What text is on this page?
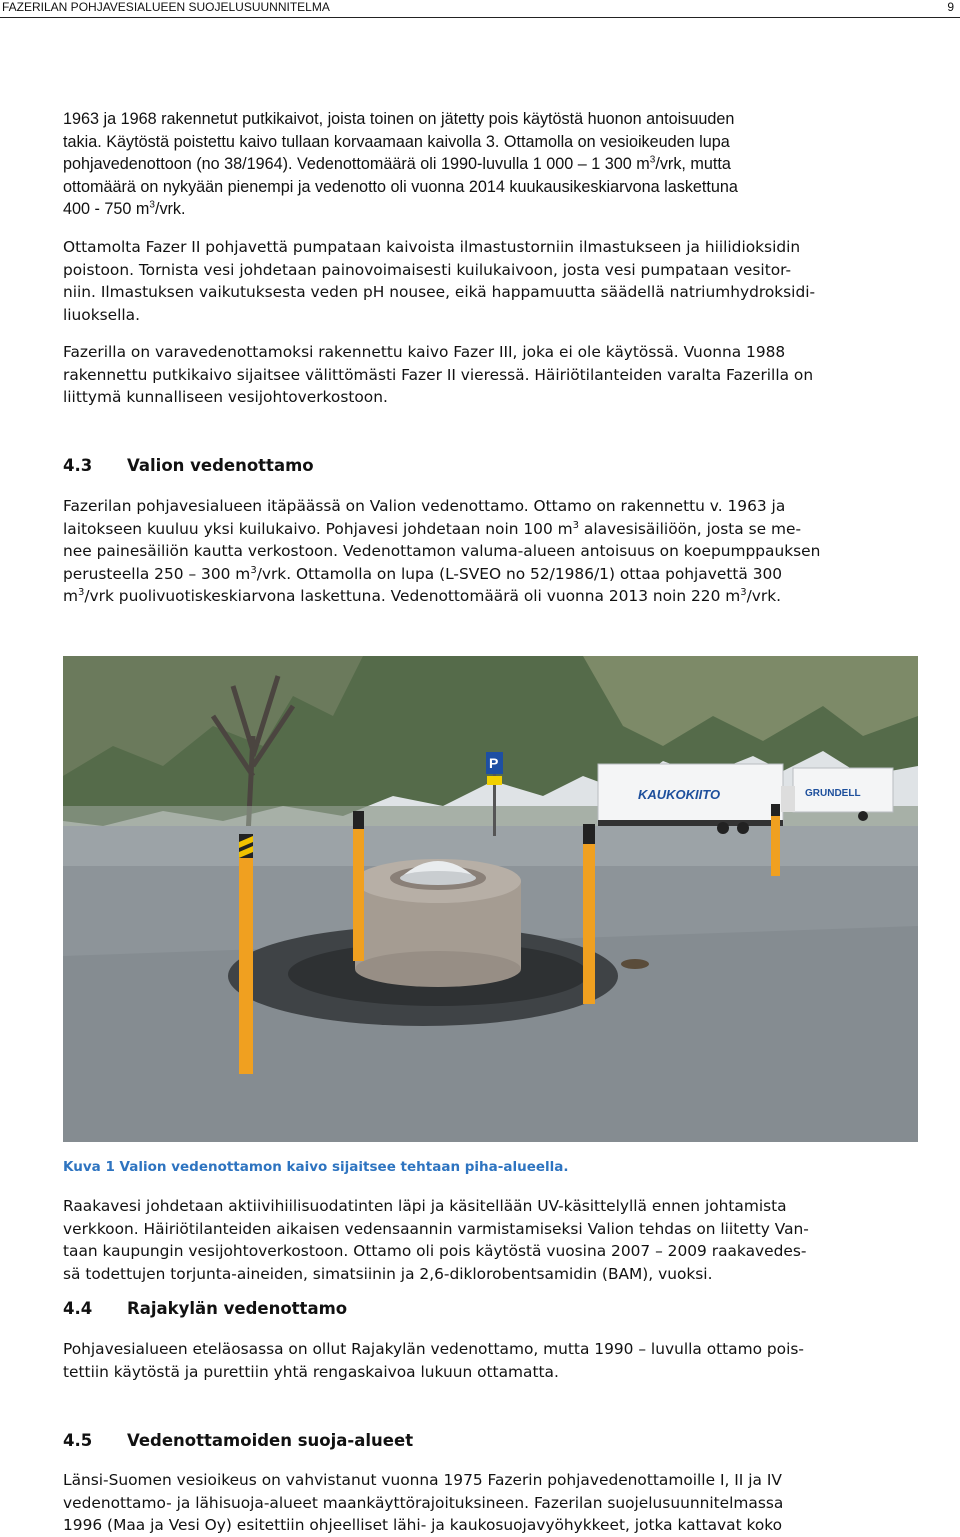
FAZERILAN POHJAVESIALUEEN SUOJELUSUUNNITELMA	9
1963 ja 1968 rakennetut putkikaivot, joista toinen on jätetty pois käytöstä huonon antoisuuden
takia. Käytöstä poistettu kaivo tullaan korvaamaan kaivolla 3. Ottamolla on vesioikeuden lupa
pohjavedenottoon (no 38/1964). Vedenottomäärä oli 1990-luvulla 1 000 – 1 300 $m^3$/vrk, mutta
ottomäärä on nykyään pienempi ja vedenotto oli vuonna 2014 kuukausikeskiarvona laskettuna
400 - 750 $m^3$/vrk.
Ottamolta Fazer II pohjavettä pumpataan kaivoista ilmastustorniin ilmastukseen ja hiilidioksidin
poistoon. Tornista vesi johdetaan painovoimaisesti kuilukaivoon, josta vesi pumpataan vesitor-
niin. Ilmastuksen vaikutuksesta veden pH nousee, eikä happamuutta säädellä natriumhydroksidi-
liuoksella.
Fazerilla on varavedenottamoksi rakennettu kaivo Fazer III, joka ei ole käytössä. Vuonna 1988
rakennettu putkikaivo sijaitsee välittömästi Fazer II vieressä. Häiriötilanteiden varalta Fazerilla on
liittymä kunnalliseen vesijohtoverkostoon.
4.3 Valion vedenottamo
Fazerilan pohjavesialueen itäpäässä on Valion vedenottamo. Ottamo on rakennettu v. 1963 ja
laitokseen kuuluu yksi kuilukaivo. Pohjavesi johdetaan noin 100 $m^3$ alavesisäiliöön, josta se me-
nee painesäiliön kautta verkostoon. Vedenottamon valuma-alueen antoisuus on koepumppauksen
perusteella 250 – 300 $m^3$/vrk. Ottamolla on lupa (L-SVEO no 52/1986/1) ottaa pohjavettä 300
$m^3$/vrk puolivuotiskeskiarvona laskettuna. Vedenottomäärä oli vuonna 2013 noin 220 $m^3$/vrk.
KAUKOKIITO	GRUNDELL
P
Kuva 1 Valion vedenottamon kaivo sijaitsee tehtaan piha-alueella.
Raakavesi johdetaan aktiivihiilisuodatinten läpi ja käsitellään UV-käsittelyllä ennen johtamista
verkkoon. Häiriötilanteiden aikaisen vedensaannin varmistamiseksi Valion tehdas on liitetty Van-
taan kaupungin vesijohtoverkostoon. Ottamo oli pois käytöstä vuosina 2007 – 2009 raakavedes-
sä todettujen torjunta-aineiden, simatsiinin ja 2,6-diklorobentsamidin (BAM), vuoksi.
4.4 Rajakylän vedenottamo
Pohjavesialueen eteläosassa on ollut Rajakylän vedenottamo, mutta 1990 – luvulla ottamo pois-
tettiin käytöstä ja purettiin yhtä rengaskaivoa lukuun ottamatta.
4.5 Vedenottamoiden suoja-alueet
Länsi-Suomen vesioikeus on vahvistanut vuonna 1975 Fazerin pohjavedenottamoille I, II ja IV
vedenottamo- ja lähisuoja-alueet maankäyttörajoituksineen. Fazerilan suojelusuunnitelmassa
1996 (Maa ja Vesi Oy) esitettiin ohjeelliset lähi- ja kaukosuojavyöhykkeet, jotka kattavat koko
